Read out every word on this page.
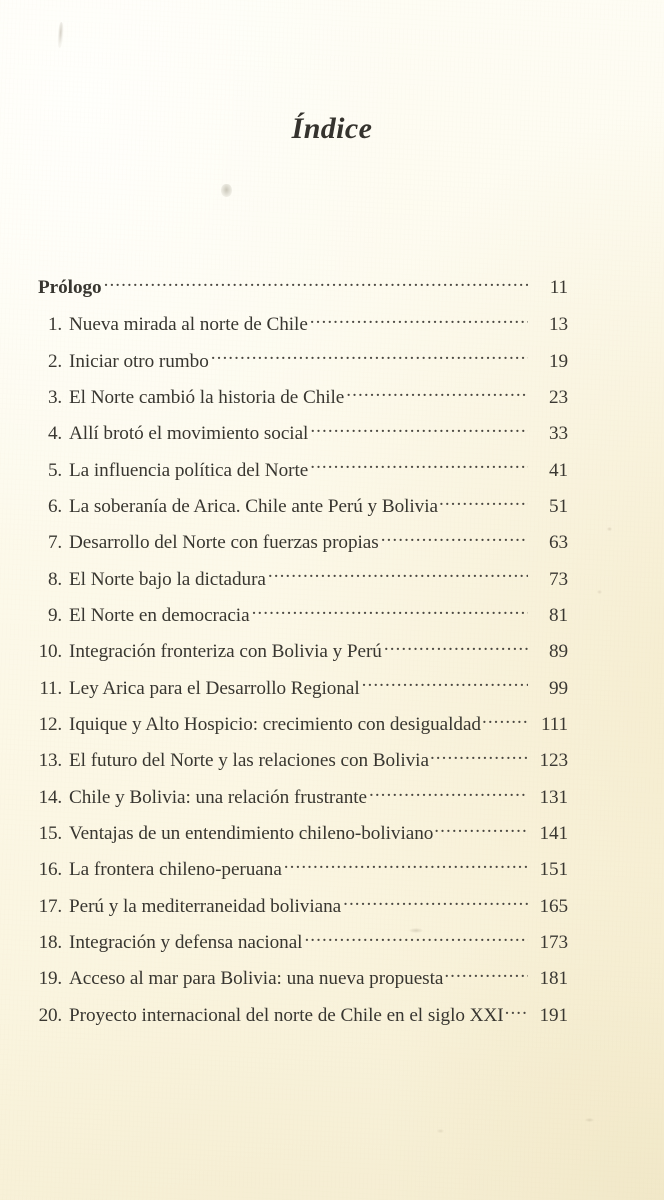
Índice
Prólogo .....	11
1 . Nueva mirada al norte de Chile .....	13
2 . Iniciar otro rumbo .....	19
3 . El Norte cambió la historia de Chile .....	23
4 . Allí brotó el movimiento social .....	33
5 . La influencia política del Norte .....	41
6 . La soberanía de Arica. Chile ante Perú y Bolivia .....	51
7 . Desarrollo del Norte con fuerzas propias .....	63
8 . El Norte bajo la dictadura .....	73
9 . El Norte en democracia .....	81
10 . Integración fronteriza con Bolivia y Perú .....	89
11 . Ley Arica para el Desarrollo Regional .....	99
12 . Iquique y Alto Hospicio: crecimiento con desigualdad .....	111
13 . El futuro del Norte y las relaciones con Bolivia .....	123
14 . Chile y Bolivia: una relación frustrante .....	131
15 . Ventajas de un entendimiento chileno-boliviano .....	141
16 . La frontera chileno-peruana .....	151
17 . Perú y la mediterraneidad boliviana .....	165
18 . Integración y defensa nacional .....	173
19 . Acceso al mar para Bolivia: una nueva propuesta .....	181
20 . Proyecto internacional del norte de Chile en el siglo XXI .....	191
